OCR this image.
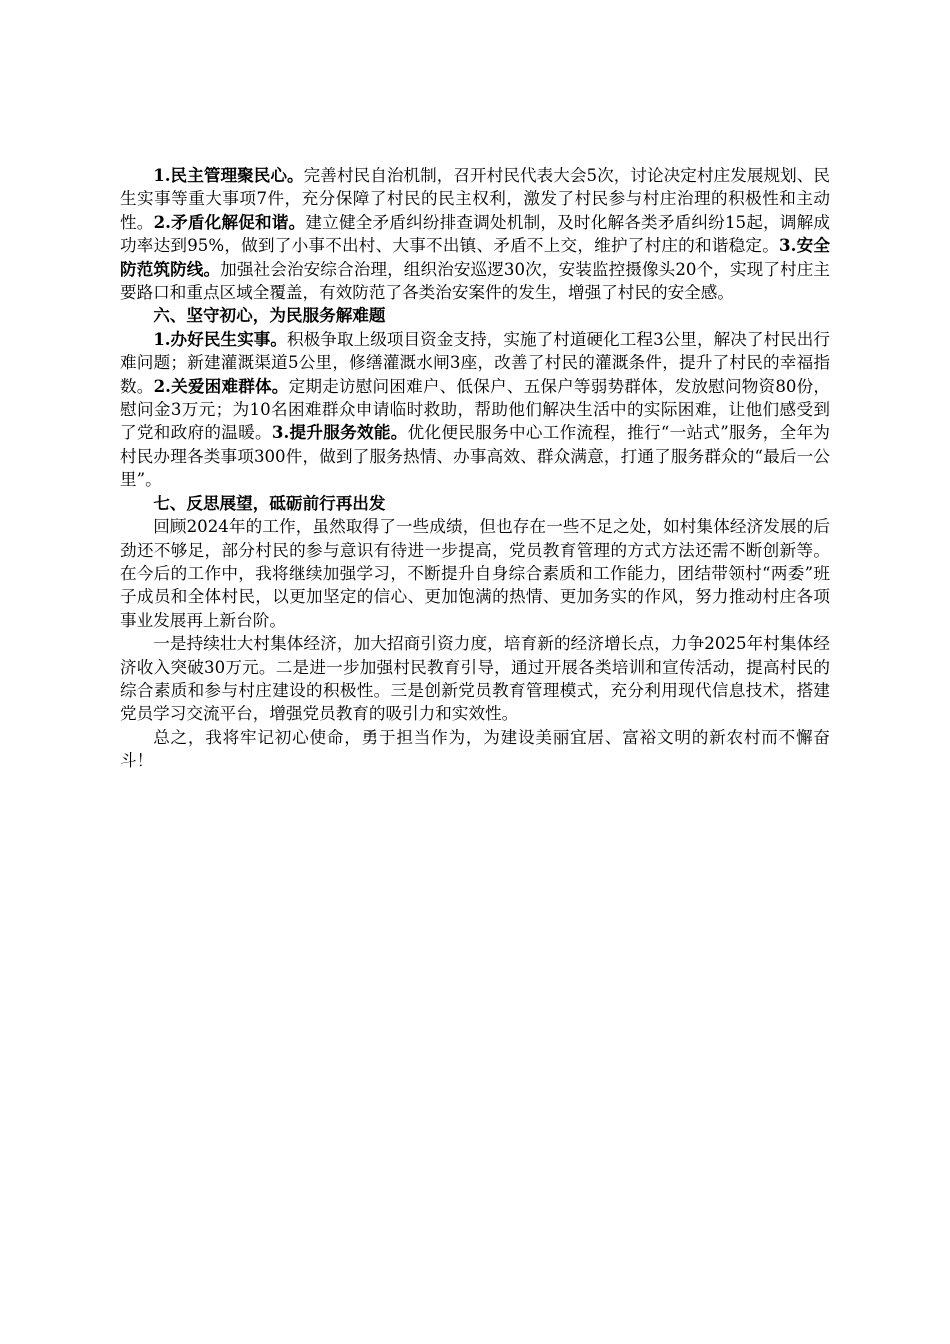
1.民主管理聚民心。完善村民自治机制，召开村民代表大会5次，讨论决定村庄发展规划、民生实事等重大事项7件，充分保障了村民的民主权利，激发了村民参与村庄治理的积极性和主动性。2.矛盾化解促和谐。建立健全矛盾纠纷排查调处机制，及时化解各类矛盾纠纷15起，调解成功率达到95%，做到了小事不出村、大事不出镇、矛盾不上交，维护了村庄的和谐稳定。3.安全防范筑防线。加强社会治安综合治理，组织治安巡逻30次，安装监控摄像头20个，实现了村庄主要路口和重点区域全覆盖，有效防范了各类治安案件的发生，增强了村民的安全感。

六、坚守初心，为民服务解难题

1.办好民生实事。积极争取上级项目资金支持，实施了村道硬化工程3公里，解决了村民出行难问题；新建灌溉渠道5公里，修缮灌溉水闸3座，改善了村民的灌溉条件，提升了村民的幸福指数。2.关爱困难群体。定期走访慰问困难户、低保户、五保户等弱势群体，发放慰问物资80份，慰问金3万元；为10名困难群众申请临时救助，帮助他们解决生活中的实际困难，让他们感受到了党和政府的温暖。3.提升服务效能。优化便民服务中心工作流程，推行“一站式”服务，全年为村民办理各类事项300件，做到了服务热情、办事高效、群众满意，打通了服务群众的“最后一公里”。

七、反思展望，砥砺前行再出发

回顾2024年的工作，虽然取得了一些成绩，但也存在一些不足之处，如村集体经济发展的后劲还不够足，部分村民的参与意识有待进一步提高，党员教育管理的方式方法还需不断创新等。在今后的工作中，我将继续加强学习，不断提升自身综合素质和工作能力，团结带领村“两委”班子成员和全体村民，以更加坚定的信心、更加饱满的热情、更加务实的作风，努力推动村庄各项事业发展再上新台阶。

一是持续壮大村集体经济，加大招商引资力度，培育新的经济增长点，力争2025年村集体经济收入突破30万元。二是进一步加强村民教育引导，通过开展各类培训和宣传活动，提高村民的综合素质和参与村庄建设的积极性。三是创新党员教育管理模式，充分利用现代信息技术，搭建党员学习交流平台，增强党员教育的吸引力和实效性。

总之，我将牢记初心使命，勇于担当作为，为建设美丽宜居、富裕文明的新农村而不懈奋斗！
